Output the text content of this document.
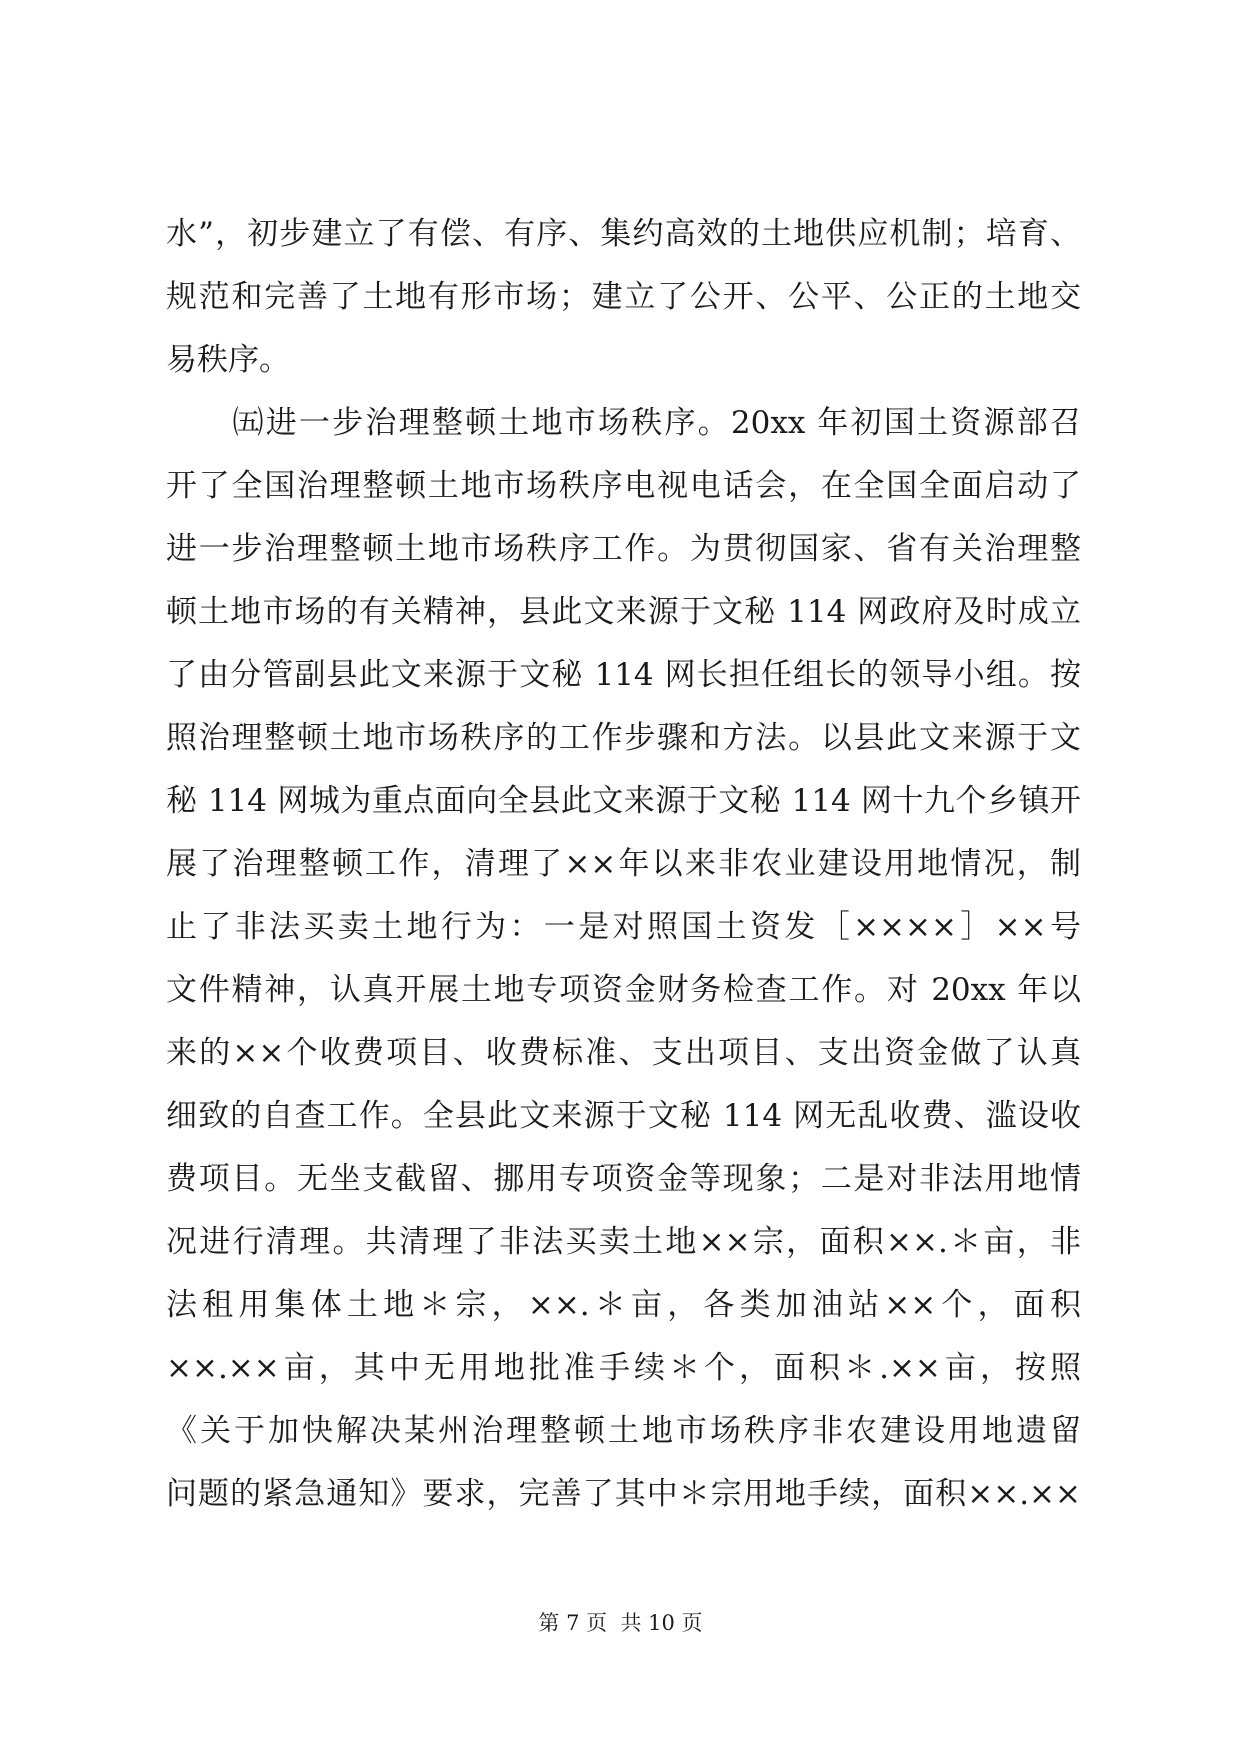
水”，初步建立了有偿、有序、集约高效的土地供应机制；培育、
规范和完善了土地有形市场；建立了公开、公平、公正的土地交
易秩序。
　　㈤进一步治理整顿土地市场秩序。20xx 年初国土资源部召
开了全国治理整顿土地市场秩序电视电话会，在全国全面启动了
进一步治理整顿土地市场秩序工作。为贯彻国家、省有关治理整
顿土地市场的有关精神，县此文来源于文秘 114 网政府及时成立
了由分管副县此文来源于文秘 114 网长担任组长的领导小组。按
照治理整顿土地市场秩序的工作步骤和方法。以县此文来源于文
秘 114 网城为重点面向全县此文来源于文秘 114 网十九个乡镇开
展了治理整顿工作，清理了××年以来非农业建设用地情况，制
止了非法买卖土地行为：一是对照国土资发［××××］××号
文件精神，认真开展土地专项资金财务检查工作。对 20xx 年以
来的××个收费项目、收费标准、支出项目、支出资金做了认真
细致的自查工作。全县此文来源于文秘 114 网无乱收费、滥设收
费项目。无坐支截留、挪用专项资金等现象；二是对非法用地情
况进行清理。共清理了非法买卖土地××宗，面积××.＊亩，非
法租用集体土地＊宗，××.＊亩，各类加油站××个，面积
××.××亩，其中无用地批准手续＊个，面积＊.××亩，按照
《关于加快解决某州治理整顿土地市场秩序非农建设用地遗留
问题的紧急通知》要求，完善了其中＊宗用地手续，面积××.××
第 7 页  共 10 页
